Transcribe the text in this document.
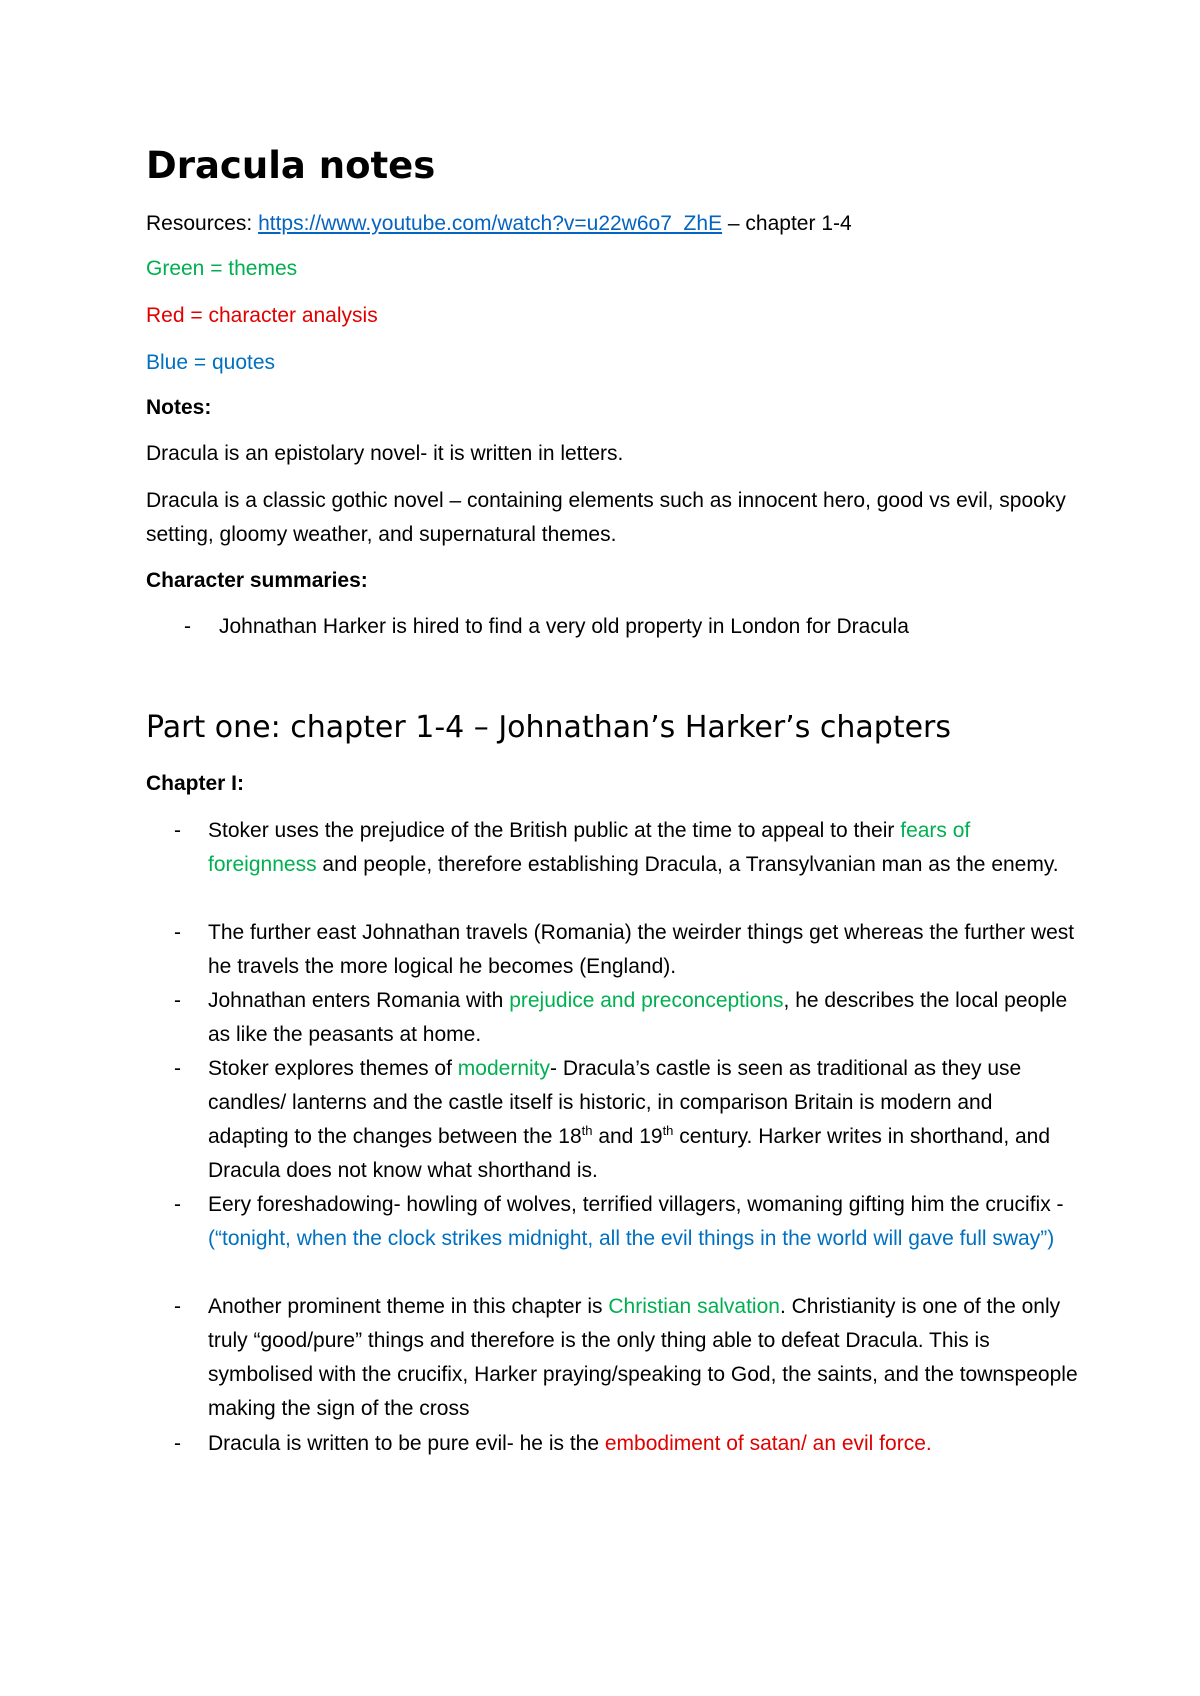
Dracula notes

Resources: https://www.youtube.com/watch?v=u22w6o7_ZhE – chapter 1-4

Green = themes

Red = character analysis

Blue = quotes

Notes:

Dracula is an epistolary novel- it is written in letters.

Dracula is a classic gothic novel – containing elements such as innocent hero, good vs evil, spooky setting, gloomy weather, and supernatural themes.

Character summaries:

- Johnathan Harker is hired to find a very old property in London for Dracula
Part one: chapter 1-4 – Johnathan’s Harker’s chapters

Chapter I:

- Stoker uses the prejudice of the British public at the time to appeal to their fears of foreignness and people, therefore establishing Dracula, a Transylvanian man as the enemy.
- The further east Johnathan travels (Romania) the weirder things get whereas the further west he travels the more logical he becomes (England).
- Johnathan enters Romania with prejudice and preconceptions, he describes the local people as like the peasants at home.
- Stoker explores themes of modernity- Dracula’s castle is seen as traditional as they use candles/ lanterns and the castle itself is historic, in comparison Britain is modern and adapting to the changes between the 18th and 19th century. Harker writes in shorthand, and Dracula does not know what shorthand is.
- Eery foreshadowing- howling of wolves, terrified villagers, womaning gifting him the crucifix - (“tonight, when the clock strikes midnight, all the evil things in the world will gave full sway”)
- Another prominent theme in this chapter is Christian salvation. Christianity is one of the only truly “good/pure” things and therefore is the only thing able to defeat Dracula. This is symbolised with the crucifix, Harker praying/speaking to God, the saints, and the townspeople making the sign of the cross
- Dracula is written to be pure evil- he is the embodiment of satan/ an evil force.
